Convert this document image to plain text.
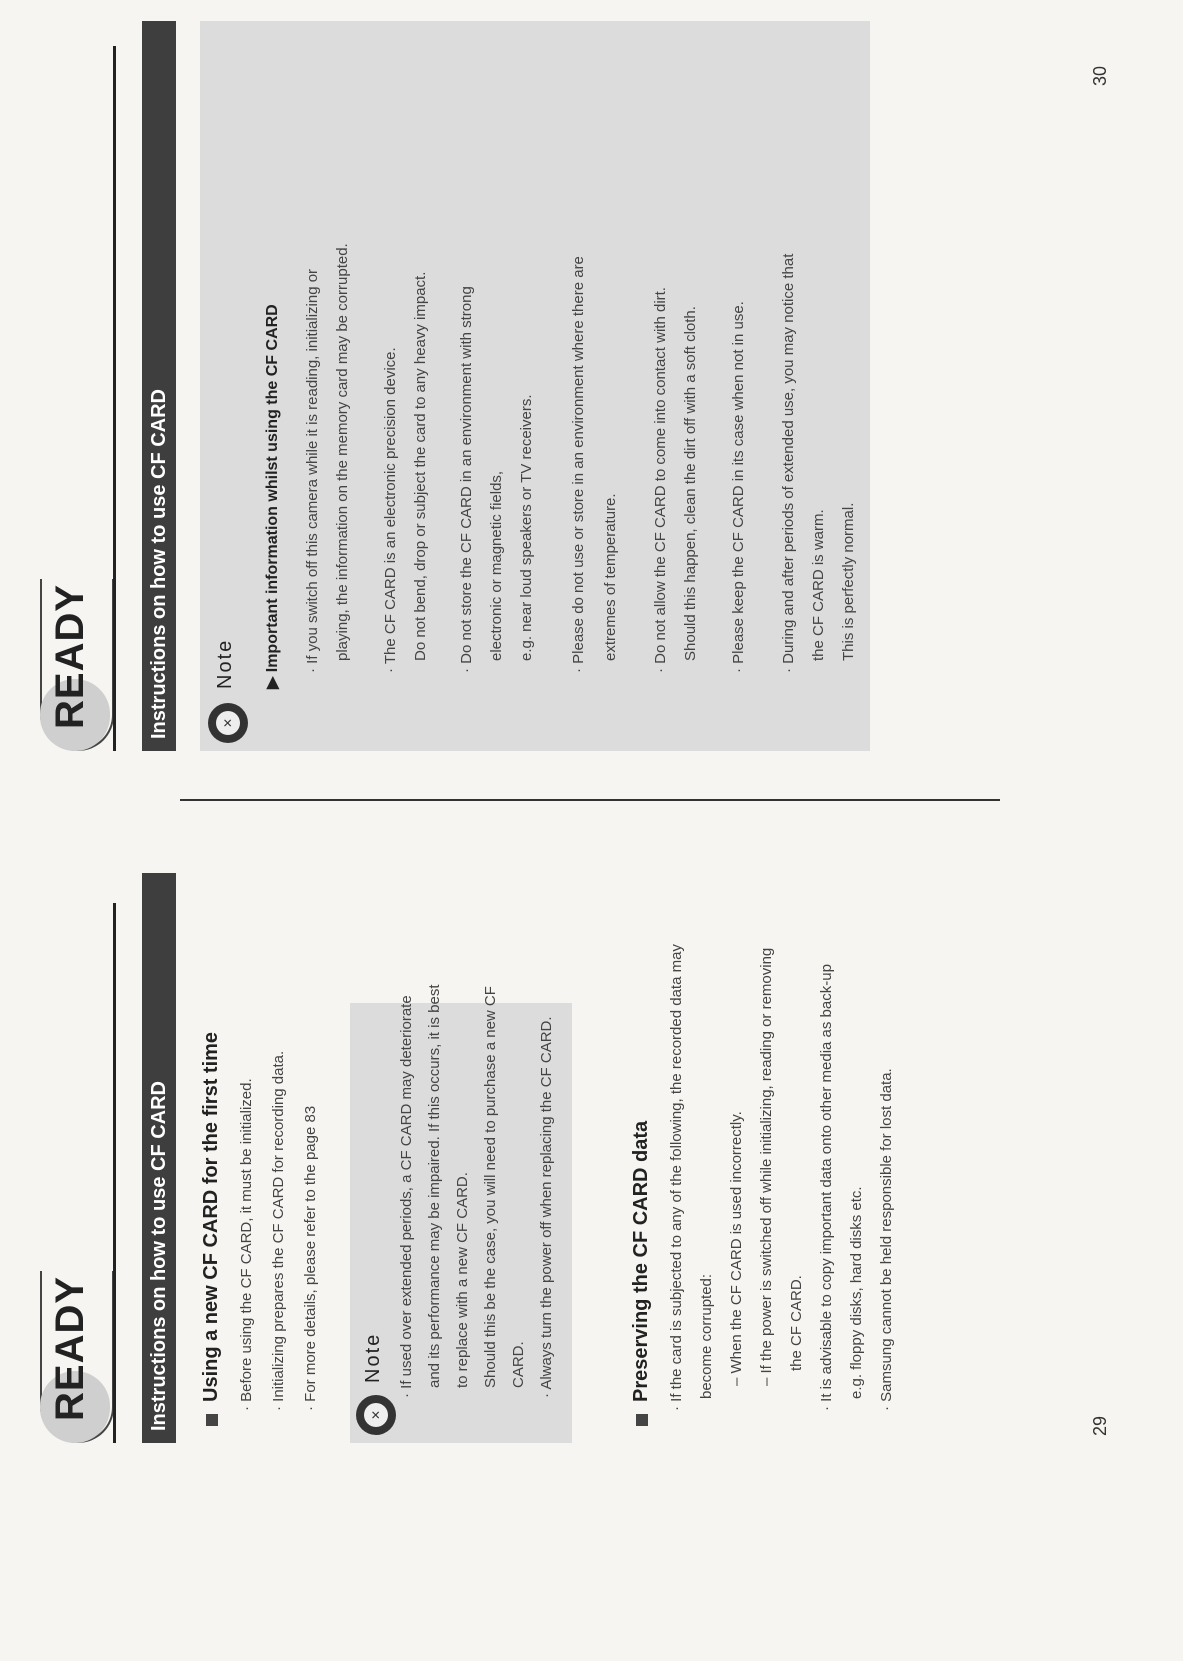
READY	Instructions on how to use CF CARD	Using a new CF CARD for the first time · Before using the CF CARD, it must be initialized. · Initializing prepares the CF CARD for recording data. · For more details, please refer to the page 83
✕
Note · If used over extended periods, a CF CARD may deteriorate and its performance may be impaired. If this occurs, it is best to replace with a new CF CARD. Should this be the case, you will need to purchase a new CF CARD. · Always turn the power off when replacing the CF CARD.	Preserving the CF CARD data · If the card is subjected to any of the following, the recorded data may become corrupted: – When the CF CARD is used incorrectly. – If the power is switched off while initializing, reading or removing the CF CARD. · It is advisable to copy important data onto other media as back-up e.g. floppy disks, hard disks etc. · Samsung cannot be held responsible for lost data.
29
READY	Instructions on how to use CF CARD	✕
Note ▶ Important information whilst using the CF CARD · If you switch off this camera while it is reading, initializing or playing, the information on the memory card may be corrupted. · The CF CARD is an electronic precision device. Do not bend, drop or subject the card to any heavy impact. · Do not store the CF CARD in an environment with strong electronic or magnetic fields, e.g. near loud speakers or TV receivers. · Please do not use or store in an environment where there are extremes of temperature. · Do not allow the CF CARD to come into contact with dirt. Should this happen, clean the dirt off with a soft cloth. · Please keep the CF CARD in its case when not in use. · During and after periods of extended use, you may notice that the CF CARD is warm. This is perfectly normal.
30
